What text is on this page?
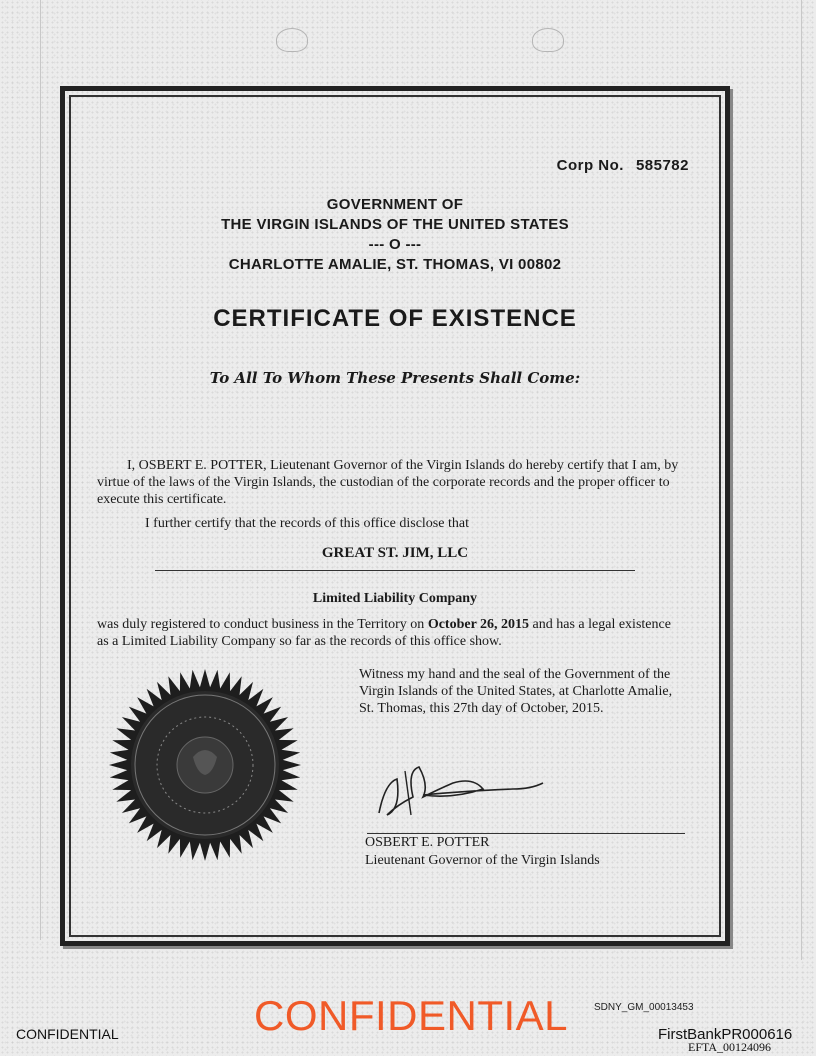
Corp No. 585782
GOVERNMENT OF
THE VIRGIN ISLANDS OF THE UNITED STATES
--- O ---
CHARLOTTE AMALIE, ST. THOMAS, VI 00802
CERTIFICATE OF EXISTENCE
To All To Whom These Presents Shall Come:
I, OSBERT E. POTTER, Lieutenant Governor of the Virgin Islands do hereby certify that I am, by virtue of the laws of the Virgin Islands, the custodian of the corporate records and the proper officer to execute this certificate.
I further certify that the records of this office disclose that
GREAT ST. JIM, LLC
Limited Liability Company
was duly registered to conduct business in the Territory on October 26, 2015 and has a legal existence as a Limited Liability Company so far as the records of this office show.
Witness my hand and the seal of the Government of the Virgin Islands of the United States, at Charlotte Amalie, St. Thomas, this 27th day of October, 2015.
OSBERT E. POTTER
Lieutenant Governor of the Virgin Islands
SDNY_GM_00013453
CONFIDENTIAL
CONFIDENTIAL	FirstBankPR000616
EFTA_00124096
